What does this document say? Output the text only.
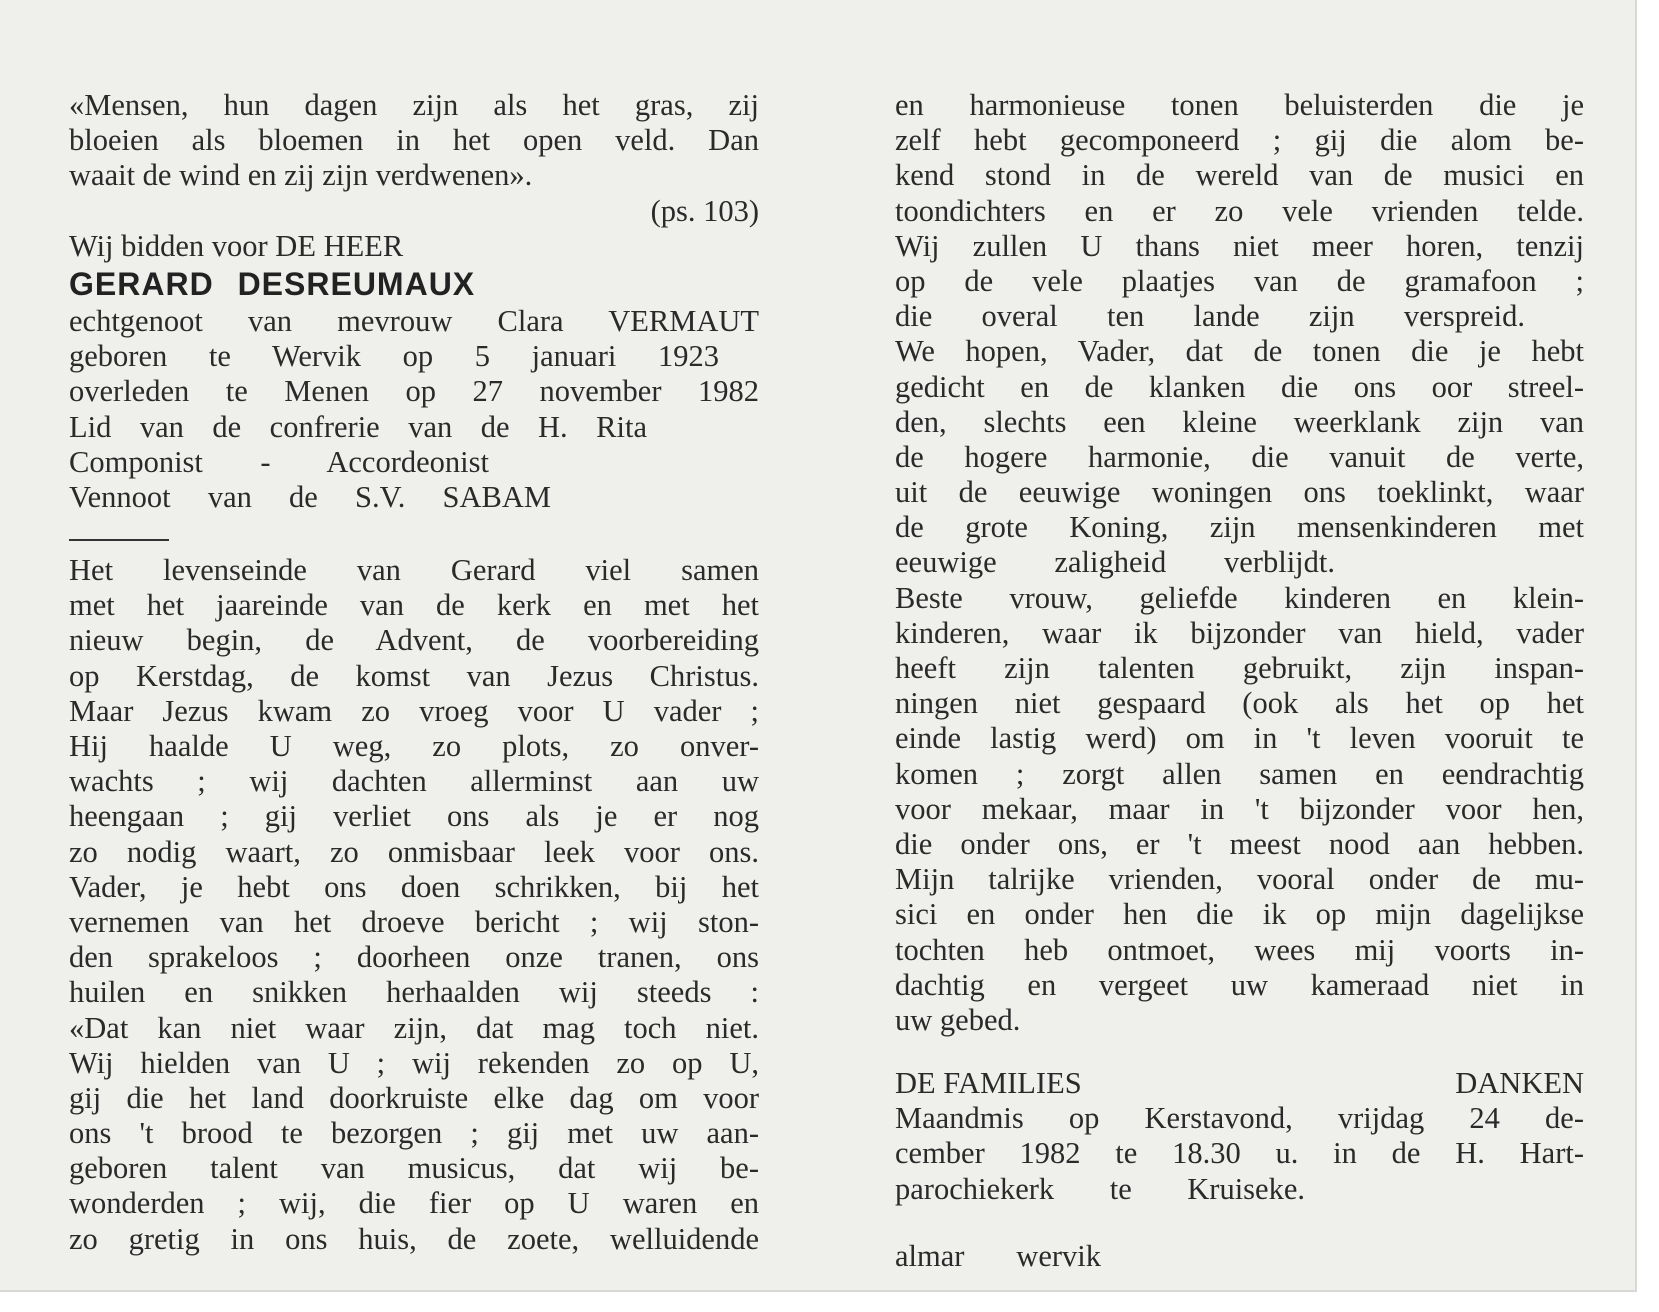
«Mensen, hun dagen zijn als het gras, zij
bloeien als bloemen in het open veld. Dan
waait de wind en zij zijn verdwenen».
(ps. 103)
Wij bidden voor DE HEER
GERARD DESREUMAUX
echtgenoot van mevrouw Clara VERMAUT
geboren te Wervik op 5 januari 1923
overleden te Menen op 27 november 1982
Lid van de confrerie van de H. Rita
Componist - Accordeonist
Vennoot van de S.V. SABAM
Het levenseinde van Gerard viel samen
met het jaareinde van de kerk en met het
nieuw begin, de Advent, de voorbereiding
op Kerstdag, de komst van Jezus Christus.
Maar Jezus kwam zo vroeg voor U vader ;
Hij haalde U weg, zo plots, zo onver-
wachts ; wij dachten allerminst aan uw
heengaan ; gij verliet ons als je er nog
zo nodig waart, zo onmisbaar leek voor ons.
Vader, je hebt ons doen schrikken, bij het
vernemen van het droeve bericht ; wij ston-
den sprakeloos ; doorheen onze tranen, ons
huilen en snikken herhaalden wij steeds :
«Dat kan niet waar zijn, dat mag toch niet.
Wij hielden van U ; wij rekenden zo op U,
gij die het land doorkruiste elke dag om voor
ons 't brood te bezorgen ; gij met uw aan-
geboren talent van musicus, dat wij be-
wonderden ; wij, die fier op U waren en
zo gretig in ons huis, de zoete, welluidende
en harmonieuse tonen beluisterden die je
zelf hebt gecomponeerd ; gij die alom be-
kend stond in de wereld van de musici en
toondichters en er zo vele vrienden telde.
Wij zullen U thans niet meer horen, tenzij
op de vele plaatjes van de gramafoon ;
die overal ten lande zijn verspreid.
We hopen, Vader, dat de tonen die je hebt
gedicht en de klanken die ons oor streel-
den, slechts een kleine weerklank zijn van
de hogere harmonie, die vanuit de verte,
uit de eeuwige woningen ons toeklinkt, waar
de grote Koning, zijn mensenkinderen met
eeuwige zaligheid verblijdt.
Beste vrouw, geliefde kinderen en klein-
kinderen, waar ik bijzonder van hield, vader
heeft zijn talenten gebruikt, zijn inspan-
ningen niet gespaard (ook als het op het
einde lastig werd) om in 't leven vooruit te
komen ; zorgt allen samen en eendrachtig
voor mekaar, maar in 't bijzonder voor hen,
die onder ons, er 't meest nood aan hebben.
Mijn talrijke vrienden, vooral onder de mu-
sici en onder hen die ik op mijn dagelijkse
tochten heb ontmoet, wees mij voorts in-
dachtig en vergeet uw kameraad niet in
uw gebed.
DE FAMILIES	DANKEN
Maandmis op Kerstavond, vrijdag 24 de-
cember 1982 te 18.30 u. in de H. Hart-
parochiekerk te Kruiseke.
almar wervik
